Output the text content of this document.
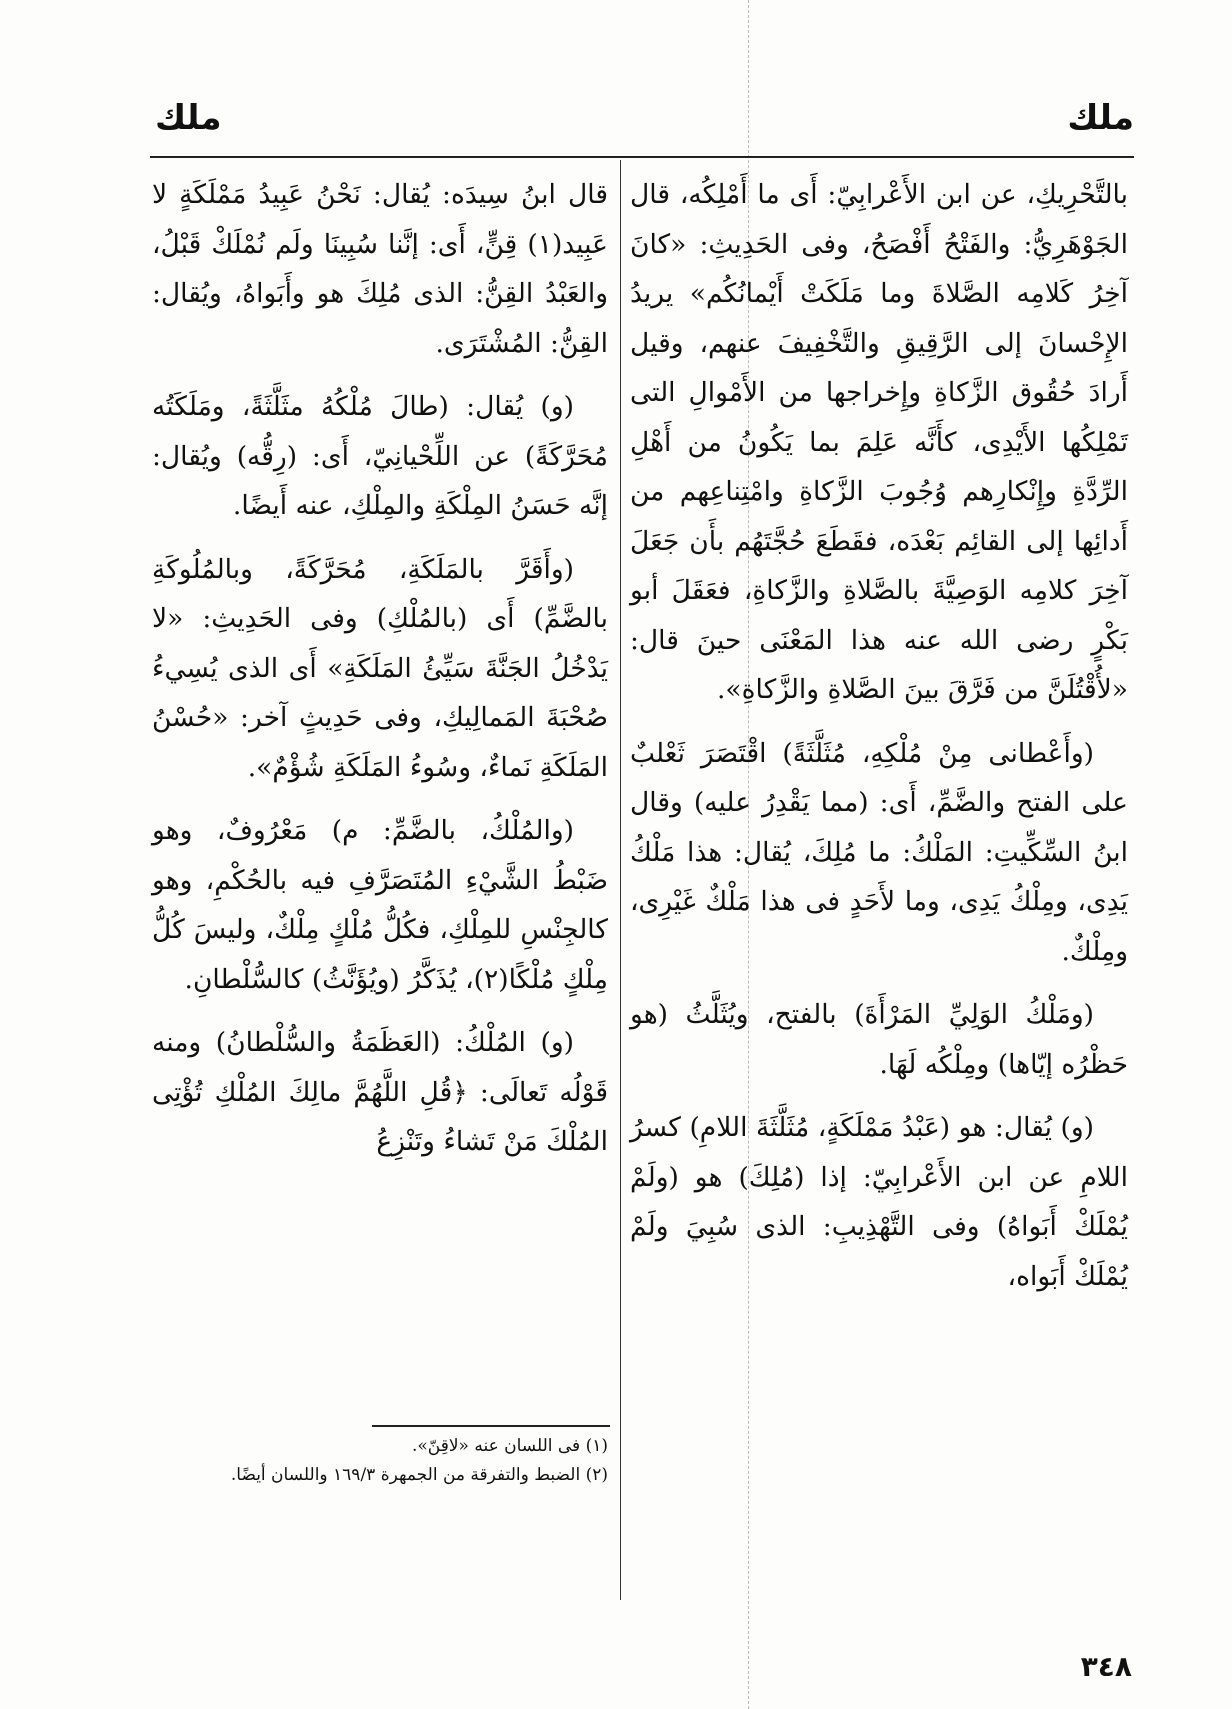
ملك
ملك

بالتَّحْرِيكِ، عن ابن الأَعْرابِيّ: أَى ما أَمْلِكُه، قال الجَوْهَرِيُّ: والفَتْحُ أَفْصَحُ، وفى الحَدِيثِ: «كانَ آخِرُ كَلامِه الصَّلاةَ وما مَلَكَتْ أَيْمانُكُم» يريدُ الإِحْسانَ إلى الرَّقِيقِ والتَّخْفِيفَ عنهم، وقيل أَرادَ حُقُوق الزَّكاةِ وإِخراجها من الأَمْوالِ التى تَمْلِكُها الأَيْدِى، كأَنَّه عَلِمَ بما يَكُونُ من أَهْلِ الرِّدَّةِ وإِنْكارِهم وُجُوبَ الزَّكاةِ وامْتِناعِهم من أَدائِها إلى القائِم بَعْدَه، فقَطَعَ حُجَّتَهُم بأَن جَعَلَ آخِرَ كلامِه الوَصِيَّةَ بالصَّلاةِ والزَّكاةِ، فعَقَلَ أبو بَكْرٍ رضى الله عنه هذا المَعْنَى حينَ قال: «لأُقْتُلَنَّ من فَرَّقَ بينَ الصَّلاةِ والزَّكاةِ».

(وأَعْطانى مِنْ مُلْكِهِ، مُثَلَّثَةً) اقْتَصَرَ ثَعْلبٌ على الفتح والضَّمِّ، أَى: (مما يَقْدِرُ عليه) وقال ابنُ السِّكِّيتِ: المَلْكُ: ما مُلِكَ، يُقال: هذا مَلْكُ يَدِى، ومِلْكُ يَدِى، وما لأَحَدٍ فى هذا مَلْكٌ غَيْرِى، ومِلْكٌ.

(ومَلْكُ الوَلِيِّ المَرْأَةَ) بالفتح، ويُثَلَّثُ (هو حَظْرُه إيّاها) ومِلْكُه لَهَا.

(و) يُقال: هو (عَبْدُ مَمْلَكَةٍ، مُثَلَّثَةَ اللامِ) كسرُ اللامِ عن ابن الأَعْرابِيّ: إذا (مُلِكَ) هو (ولَمْ يُمْلَكْ أَبَواهُ) وفى التَّهْذِيبِ: الذى سُبِيَ ولَمْ يُمْلَكْ أَبَواه،

قال ابنُ سِيدَه: يُقال: نَحْنُ عَبِيدُ مَمْلَكَةٍ لا عَبِيد(١) قِنٍّ، أَى: إنَّنا سُبِينَا ولَم نُمْلَكْ قَبْلُ، والعَبْدُ القِنُّ: الذى مُلِكَ هو وأَبَواهُ، ويُقال: القِنُّ: المُشْتَرَى.

(و) يُقال: (طالَ مُلْكُهُ مثَلَّثَةً، ومَلَكَتُه مُحَرَّكَةً) عن اللِّحْيانِيّ، أَى: (رِقُّه) ويُقال: إنَّه حَسَنُ المِلْكَةِ والمِلْكِ، عنه أَيضًا.

(وأَقَرَّ بالمَلَكَةِ، مُحَرَّكَةً، وبالمُلُوكَةِ بالضَّمِّ) أَى (بالمُلْكِ) وفى الحَدِيثِ: «لا يَدْخُلُ الجَنَّةَ سَيِّئُ المَلَكَةِ» أَى الذى يُسِيءُ صُحْبَةَ المَمالِيكِ، وفى حَدِيثٍ آخر: «حُسْنُ المَلَكَةِ نَماءٌ، وسُوءُ المَلَكَةِ شُؤْمٌ».

(والمُلْكُ، بالضَّمِّ: م) مَعْرُوفٌ، وهو ضَبْطُ الشَّيْءِ المُتَصَرَّفِ فيه بالحُكْمِ، وهو كالجِنْسِ للمِلْكِ، فكُلُّ مُلْكٍ مِلْكٌ، وليسَ كُلُّ مِلْكٍ مُلْكًا(٢)، يُذَكَّرُ (ويُؤَنَّثُ) كالسُّلْطانِ.

(و) المُلْكُ: (العَظَمَةُ والسُّلْطانُ) ومنه قَوْلُه تَعالَى: ﴿قُلِ اللَّهُمَّ مالِكَ المُلْكِ تُؤْتِى المُلْكَ مَنْ تَشاءُ وتَنْزِعُ

(١) فى اللسان عنه «لاقِنّ».
(٢) الضبط والتفرقة من الجمهرة ١٦٩/٣ واللسان أيضًا.
٣٤٨
